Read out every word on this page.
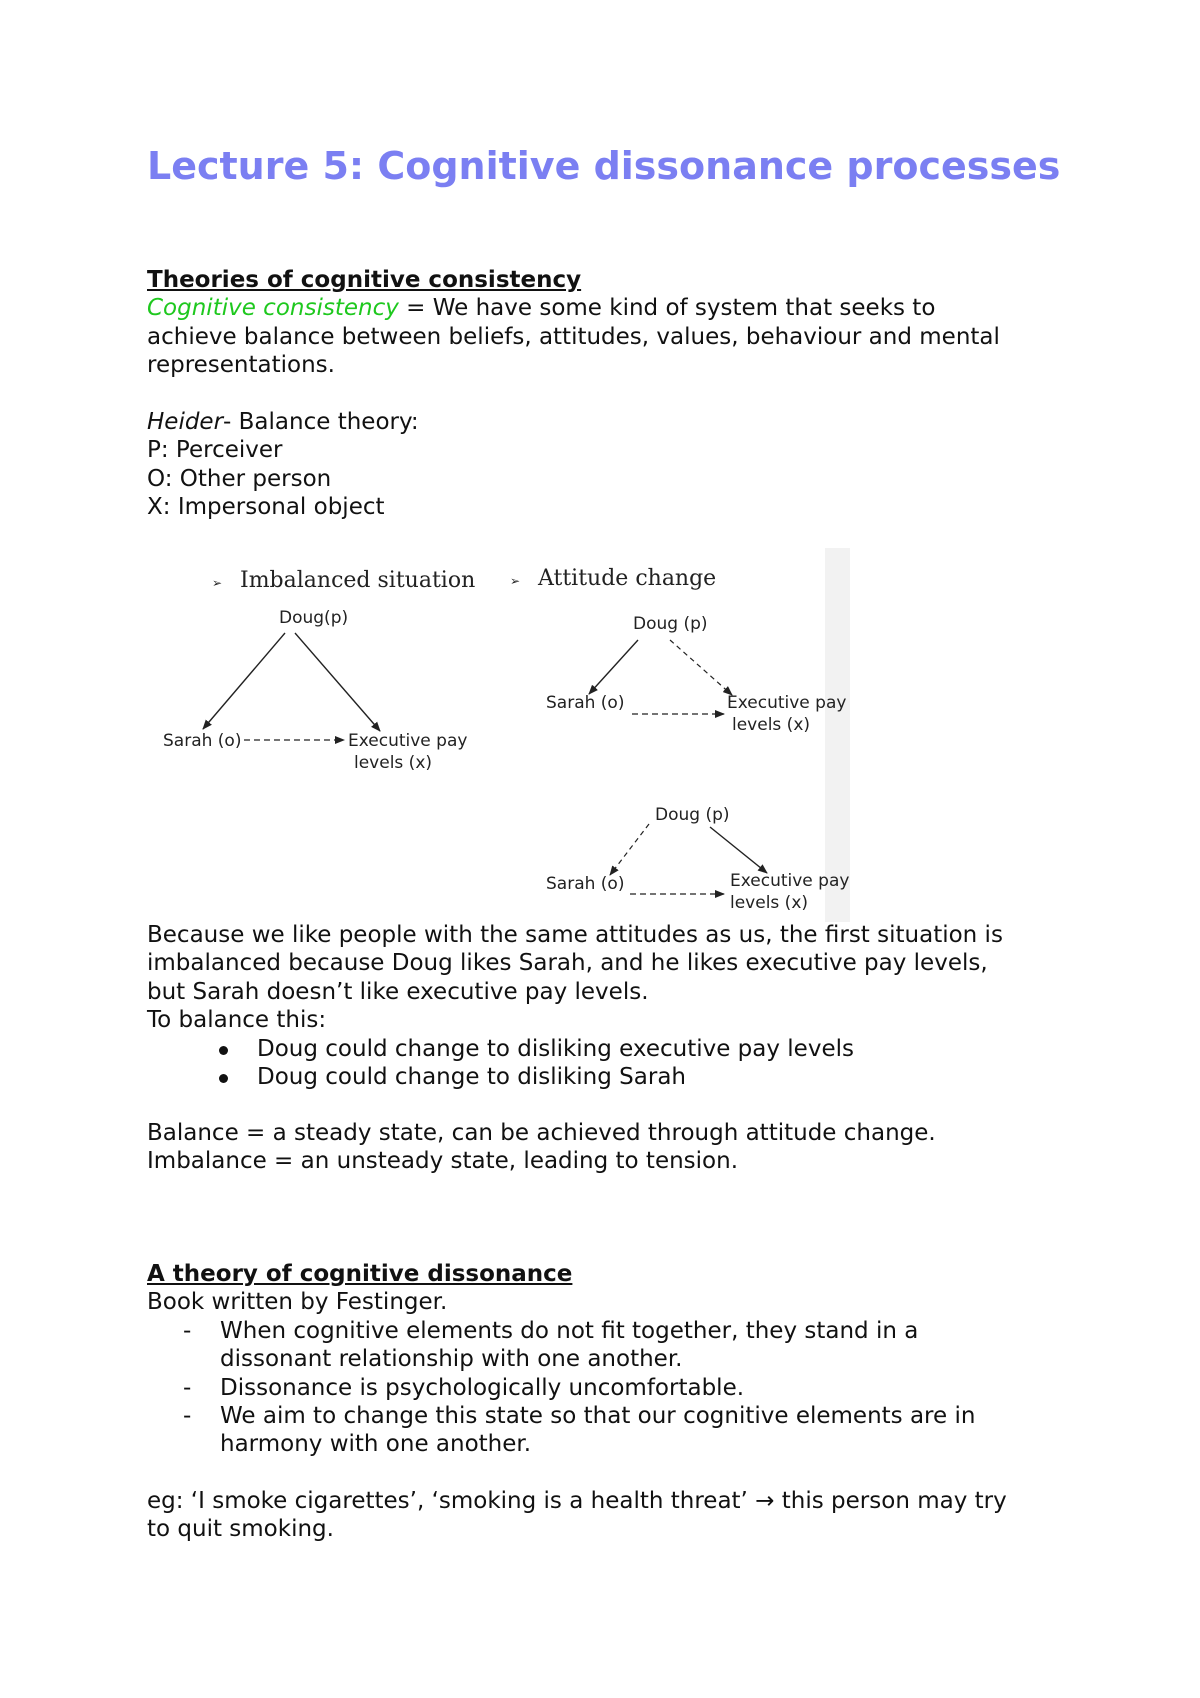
Lecture 5: Cognitive dissonance processes
Theories of cognitive consistency
Cognitive consistency = We have some kind of system that seeks to
achieve balance between beliefs, attitudes, values, behaviour and mental
representations.
Heider- Balance theory:
P: Perceiver
O: Other person
X: Impersonal object
➢ Imbalanced situation	➢ Attitude change
Doug(p)
Sarah (o)	Executive pay
levels (x)
Doug (p)
Sarah (o)	Executive pay
levels (x)
Doug (p)
Sarah (o)	Executive pay
levels (x)
Because we like people with the same attitudes as us, the first situation is
imbalanced because Doug likes Sarah, and he likes executive pay levels,
but Sarah doesn’t like executive pay levels.
To balance this:
Doug could change to disliking executive pay levels
Doug could change to disliking Sarah
Balance = a steady state, can be achieved through attitude change.
Imbalance = an unsteady state, leading to tension.
A theory of cognitive dissonance
Book written by Festinger.
- When cognitive elements do not fit together, they stand in a
dissonant relationship with one another.
- Dissonance is psychologically uncomfortable.
- We aim to change this state so that our cognitive elements are in
harmony with one another.
eg: ‘I smoke cigarettes’, ‘smoking is a health threat’ → this person may try
to quit smoking.
